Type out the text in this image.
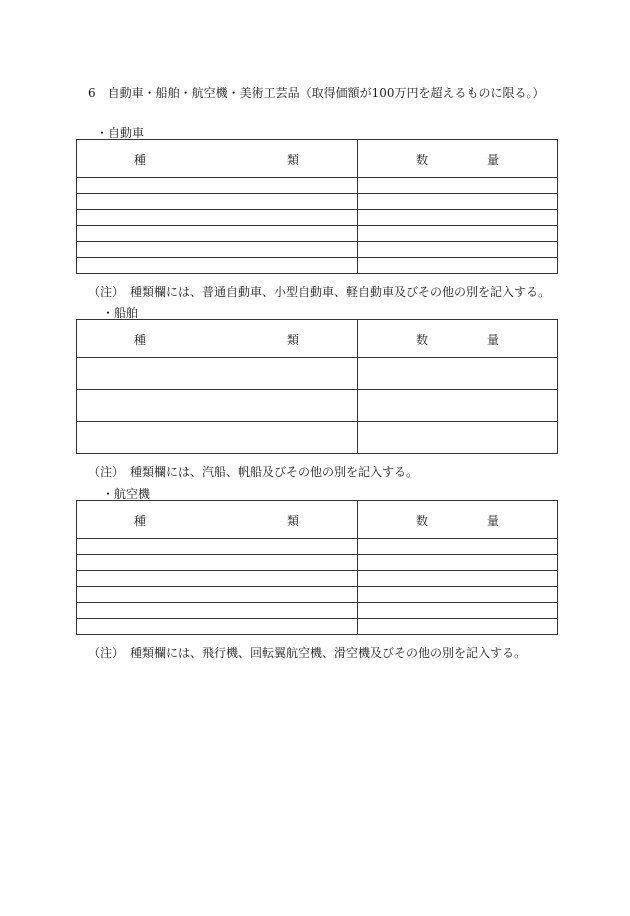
6　自動車・船舶・航空機・美術工芸品（取得価額が100万円を超えるものに限る。）
・自動車
種 類	数 量

（注）　種類欄には、普通自動車、小型自動車、軽自動車及びその他の別を記入する。
・船舶
種 類	数 量

（注）　種類欄には、汽船、帆船及びその他の別を記入する。
・航空機
種 類	数 量

（注）　種類欄には、飛行機、回転翼航空機、滑空機及びその他の別を記入する。
